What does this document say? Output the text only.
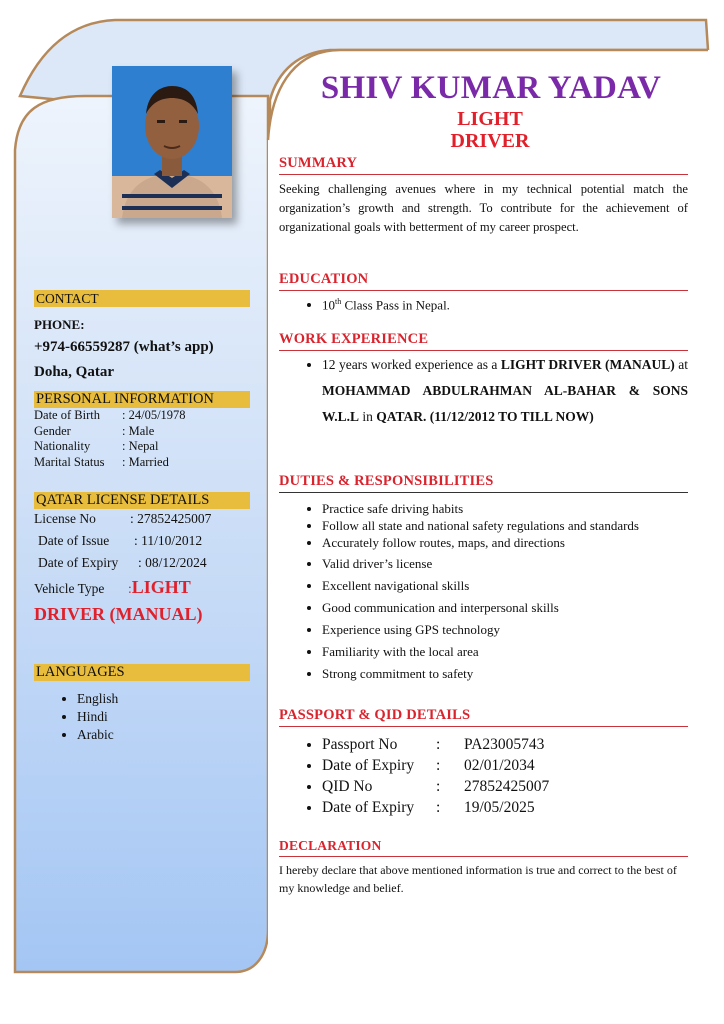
CONTACT
PHONE:
+974-66559287 (what’s app)
Doha, Qatar
PERSONAL INFORMATION
Date of Birth : 24/05/1978
Gender	: Male
Nationality	: Nepal
Marital Status : Married
QATAR LICENSE DETAILS
License No	: 27852425007
Date of Issue : 11/10/2012
Date of Expiry : 08/12/2024
Vehicle Type :LIGHT
DRIVER (MANUAL)
LANGUAGES
• English
• Hindi
• Arabic
SHIV KUMAR YADAV
LIGHT
DRIVER
SUMMARY
Seeking challenging avenues where in my technical potential match the organization’s growth and strength. To contribute for the achievement of organizational goals with betterment of my career prospect.
EDUCATION
• 10th Class Pass in Nepal.
WORK EXPERIENCE
• 12 years worked experience as a LIGHT DRIVER (MANAUL) at MOHAMMAD ABDULRAHMAN AL-BAHAR & SONS W.L.L in QATAR. (11/12/2012 TO TILL NOW)
DUTIES & RESPONSIBILITIES
• Practice safe driving habits
• Follow all state and national safety regulations and standards
• Accurately follow routes, maps, and directions
• Valid driver’s license
• Excellent navigational skills
• Good communication and interpersonal skills
• Experience using GPS technology
• Familiarity with the local area
• Strong commitment to safety
PASSPORT & QID DETAILS
• Passport No : PA23005743
• Date of Expiry : 02/01/2034
• QID No	: 27852425007
• Date of Expiry : 19/05/2025
DECLARATION
I hereby declare that above mentioned information is true and correct to the best of my knowledge and belief.
